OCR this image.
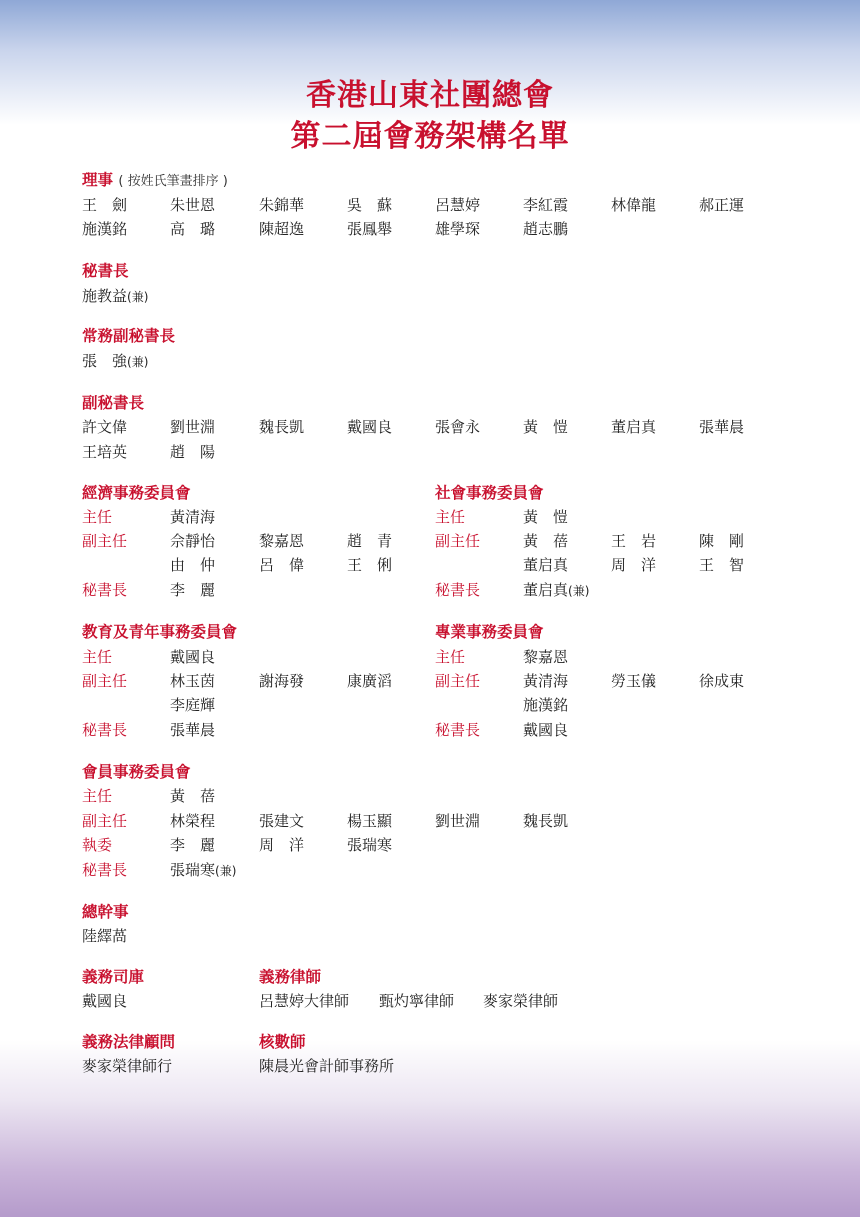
香港山東社團總會
第二屆會務架構名單
理事 ( 按姓氏筆畫排序 )
王　劍	朱世恩	朱錦華	吳　蘇	呂慧婷	李紅霞	林偉龍	郝正運
施漢銘	高　璐	陳超逸	張鳳舉	雄學琛	趙志鵬
秘書長
施教益(兼)
常務副秘書長
張　強(兼)
副秘書長
許文偉	劉世淵	魏長凱	戴國良	張會永	黃　愷	董启真	張華晨
王培英	趙　陽
經濟事務委員會
主任	黃清海
副主任	佘靜怡	黎嘉恩	趙　青
由　仲	呂　偉	王　俐
秘書長	李　麗
社會事務委員會
主任	黃　愷
副主任	黃　蓓	王　岩	陳　剛
董启真	周　洋	王　智
秘書長	董启真(兼)
教育及青年事務委員會
主任	戴國良
副主任	林玉茵	謝海發	康廣滔
李庭輝
秘書長	張華晨
專業事務委員會
主任	黎嘉恩
副主任	黃清海	勞玉儀	徐成東
施漢銘
秘書長	戴國良
會員事務委員會
主任	黃　蓓
副主任	林榮程	張建文	楊玉顯	劉世淵	魏長凱
執委	李　麗	周　洋	張瑞寒
秘書長	張瑞寒(兼)
總幹事
陸繹萵
義務司庫
戴國良
義務律師
呂慧婷大律師 甄灼寧律師 麥家榮律師
義務法律顧問
麥家榮律師行
核數師
陳晨光會計師事務所
